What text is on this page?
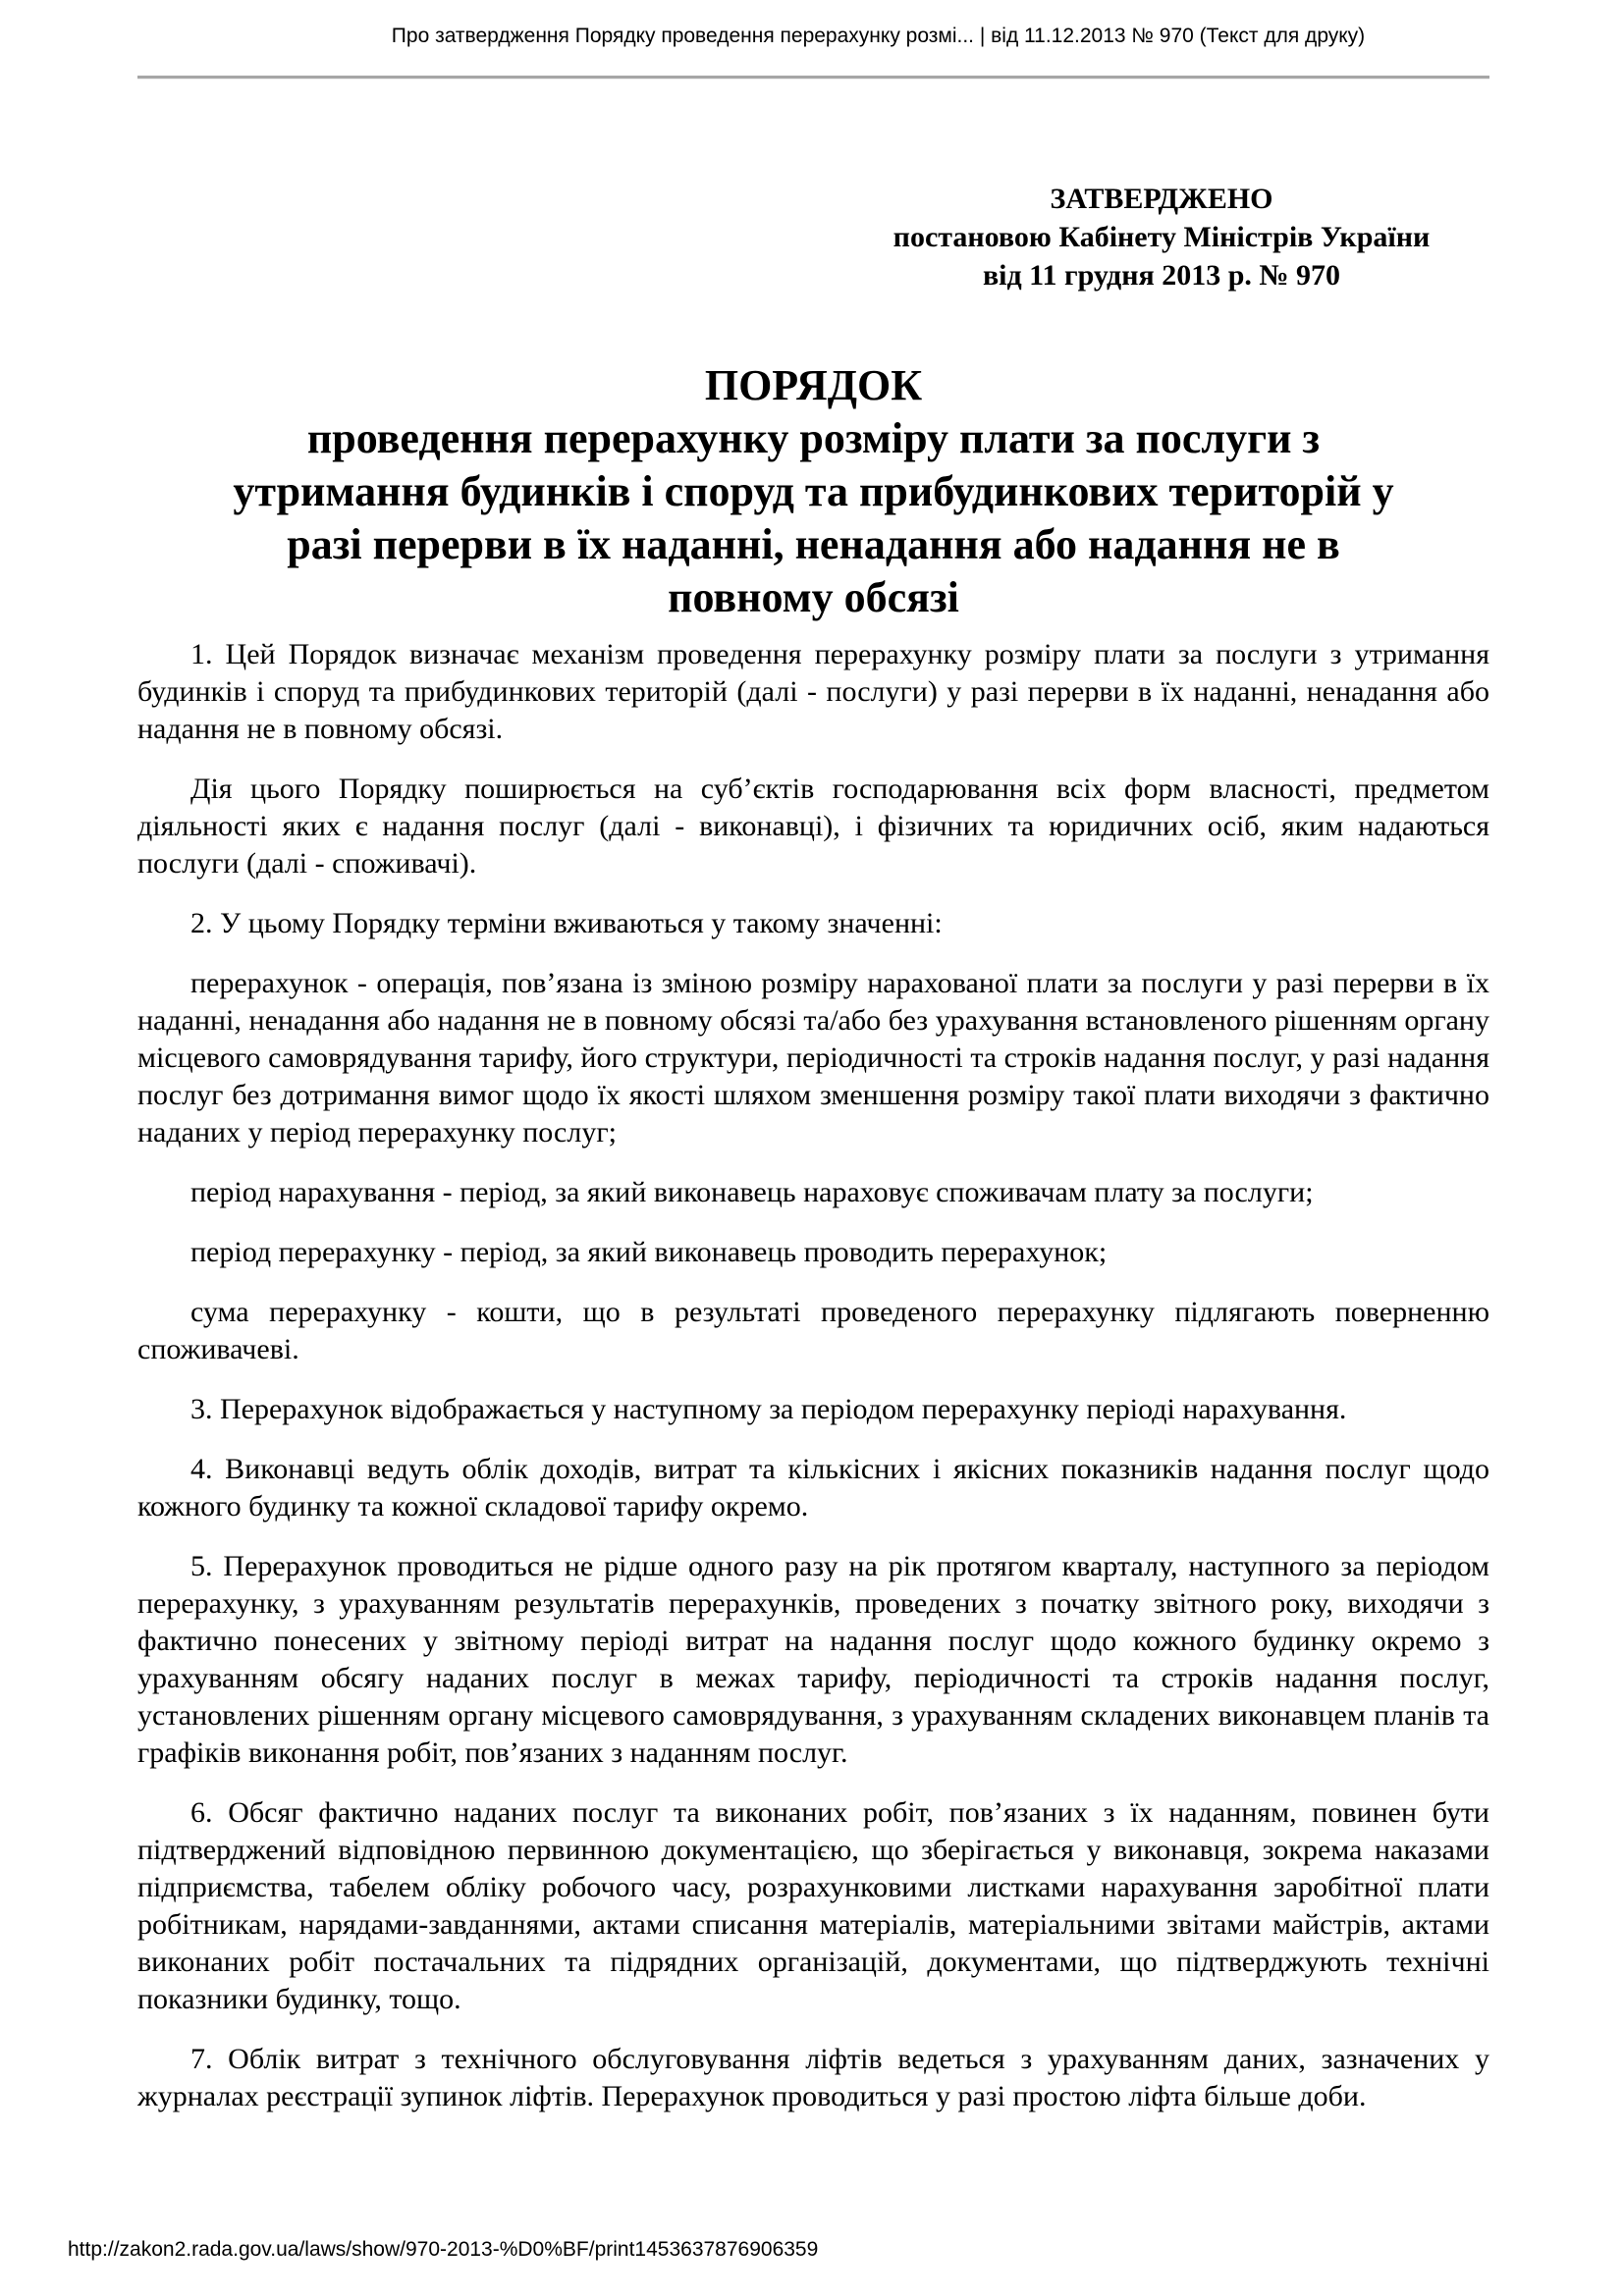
Про затвердження Порядку проведення перерахунку розмі... | від 11.12.2013 № 970 (Текст для друку)
ЗАТВЕРДЖЕНО
постановою Кабінету Міністрів України
від 11 грудня 2013 р. № 970
ПОРЯДОК
проведення перерахунку розміру плати за послуги з
утримання будинків і споруд та прибудинкових територій у
разі перерви в їх наданні, ненадання або надання не в
повному обсязі

1. Цей Порядок визначає механізм проведення перерахунку розміру плати за послуги з утримання будинків і споруд та прибудинкових територій (далі - послуги) у разі перерви в їх наданні, ненадання або надання не в повному обсязі.

Дія цього Порядку поширюється на суб’єктів господарювання всіх форм власності, предметом діяльності яких є надання послуг (далі - виконавці), і фізичних та юридичних осіб, яким надаються послуги (далі - споживачі).

2. У цьому Порядку терміни вживаються у такому значенні:

перерахунок - операція, пов’язана із зміною розміру нарахованої плати за послуги у разі перерви в їх наданні, ненадання або надання не в повному обсязі та/або без урахування встановленого рішенням органу місцевого самоврядування тарифу, його структури, періодичності та строків надання послуг, у разі надання послуг без дотримання вимог щодо їх якості шляхом зменшення розміру такої плати виходячи з фактично наданих у період перерахунку послуг;

період нарахування - період, за який виконавець нараховує споживачам плату за послуги;

період перерахунку - період, за який виконавець проводить перерахунок;

сума перерахунку - кошти, що в результаті проведеного перерахунку підлягають поверненню споживачеві.

3. Перерахунок відображається у наступному за періодом перерахунку періоді нарахування.

4. Виконавці ведуть облік доходів, витрат та кількісних і якісних показників надання послуг щодо кожного будинку та кожної складової тарифу окремо.

5. Перерахунок проводиться не рідше одного разу на рік протягом кварталу, наступного за періодом перерахунку, з урахуванням результатів перерахунків, проведених з початку звітного року, виходячи з фактично понесених у звітному періоді витрат на надання послуг щодо кожного будинку окремо з урахуванням обсягу наданих послуг в межах тарифу, періодичності та строків надання послуг, установлених рішенням органу місцевого самоврядування, з урахуванням складених виконавцем планів та графіків виконання робіт, пов’язаних з наданням послуг.

6. Обсяг фактично наданих послуг та виконаних робіт, пов’язаних з їх наданням, повинен бути підтверджений відповідною первинною документацією, що зберігається у виконавця, зокрема наказами підприємства, табелем обліку робочого часу, розрахунковими листками нарахування заробітної плати робітникам, нарядами-завданнями, актами списання матеріалів, матеріальними звітами майстрів, актами виконаних робіт постачальних та підрядних організацій, документами, що підтверджують технічні показники будинку, тощо.

7. Облік витрат з технічного обслуговування ліфтів ведеться з урахуванням даних, зазначених у журналах реєстрації зупинок ліфтів. Перерахунок проводиться у разі простою ліфта більше доби.

http://zakon2.rada.gov.ua/laws/show/970-2013-%D0%BF/print1453637876906359
